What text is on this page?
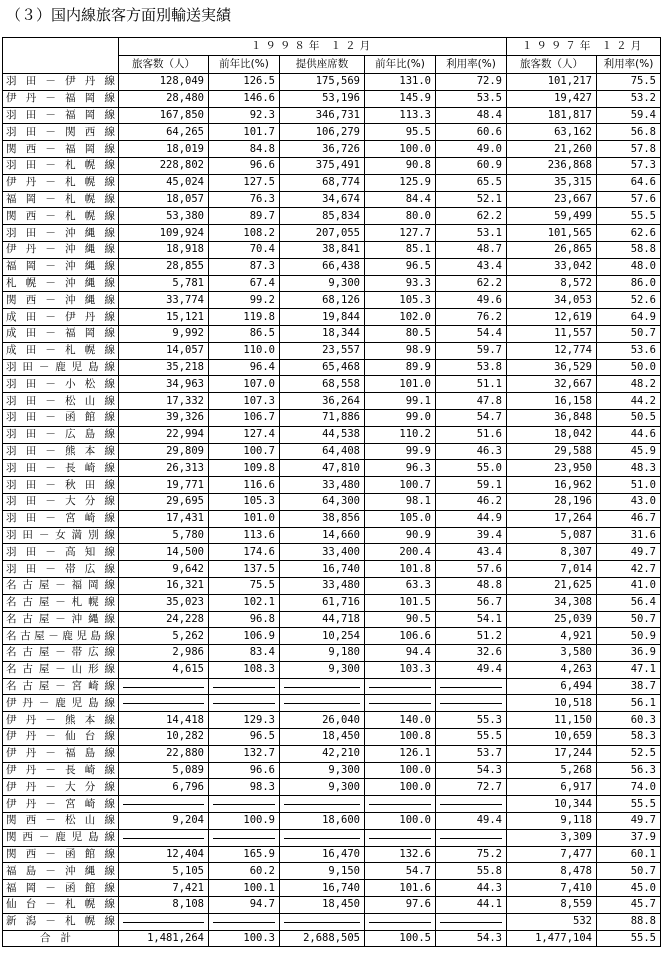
（３）国内線旅客方面別輸送実績
	１９９８年 １２月					１９９７年 １２月	
	旅客数（人）	前年比(%)	提供座席数	前年比(%)	利用率(%)	旅客数（人）	利用率(%)
羽田－伊丹線	128,049	126.5	175,569	131.0	72.9	101,217	75.5
伊丹－福岡線	28,480	146.6	53,196	145.9	53.5	19,427	53.2
羽田－福岡線	167,850	92.3	346,731	113.3	48.4	181,817	59.4
羽田－関西線	64,265	101.7	106,279	95.5	60.6	63,162	56.8
関西－福岡線	18,019	84.8	36,726	100.0	49.0	21,260	57.8
羽田－札幌線	228,802	96.6	375,491	90.8	60.9	236,868	57.3
伊丹－札幌線	45,024	127.5	68,774	125.9	65.5	35,315	64.6
福岡－札幌線	18,057	76.3	34,674	84.4	52.1	23,667	57.6
関西－札幌線	53,380	89.7	85,834	80.0	62.2	59,499	55.5
羽田－沖縄線	109,924	108.2	207,055	127.7	53.1	101,565	62.6
伊丹－沖縄線	18,918	70.4	38,841	85.1	48.7	26,865	58.8
福岡－沖縄線	28,855	87.3	66,438	96.5	43.4	33,042	48.0
札幌－沖縄線	5,781	67.4	9,300	93.3	62.2	8,572	86.0
関西－沖縄線	33,774	99.2	68,126	105.3	49.6	34,053	52.6
成田－伊丹線	15,121	119.8	19,844	102.0	76.2	12,619	64.9
成田－福岡線	9,992	86.5	18,344	80.5	54.4	11,557	50.7
成田－札幌線	14,057	110.0	23,557	98.9	59.7	12,774	53.6
羽田－鹿児島線	35,218	96.4	65,468	89.9	53.8	36,529	50.0
羽田－小松線	34,963	107.0	68,558	101.0	51.1	32,667	48.2
羽田－松山線	17,332	107.3	36,264	99.1	47.8	16,158	44.2
羽田－函館線	39,326	106.7	71,886	99.0	54.7	36,848	50.5
羽田－広島線	22,994	127.4	44,538	110.2	51.6	18,042	44.6
羽田－熊本線	29,809	100.7	64,408	99.9	46.3	29,588	45.9
羽田－長崎線	26,313	109.8	47,810	96.3	55.0	23,950	48.3
羽田－秋田線	19,771	116.6	33,480	100.7	59.1	16,962	51.0
羽田－大分線	29,695	105.3	64,300	98.1	46.2	28,196	43.0
羽田－宮崎線	17,431	101.0	38,856	105.0	44.9	17,264	46.7
羽田－女満別線	5,780	113.6	14,660	90.9	39.4	5,087	31.6
羽田－高知線	14,500	174.6	33,400	200.4	43.4	8,307	49.7
羽田－帯広線	9,642	137.5	16,740	101.8	57.6	7,014	42.7
名古屋－福岡線	16,321	75.5	33,480	63.3	48.8	21,625	41.0
名古屋－札幌線	35,023	102.1	61,716	101.5	56.7	34,308	56.4
名古屋－沖縄線	24,228	96.8	44,718	90.5	54.1	25,039	50.7
名古屋－鹿児島線	5,262	106.9	10,254	106.6	51.2	4,921	50.9
名古屋－帯広線	2,986	83.4	9,180	94.4	32.6	3,580	36.9
名古屋－山形線	4,615	108.3	9,300	103.3	49.4	4,263	47.1
名古屋－宮崎線						6,494	38.7
伊丹－鹿児島線						10,518	56.1
伊丹－熊本線	14,418	129.3	26,040	140.0	55.3	11,150	60.3
伊丹－仙台線	10,282	96.5	18,450	100.8	55.5	10,659	58.3
伊丹－福島線	22,880	132.7	42,210	126.1	53.7	17,244	52.5
伊丹－長崎線	5,089	96.6	9,300	100.0	54.3	5,268	56.3
伊丹－大分線	6,796	98.3	9,300	100.0	72.7	6,917	74.0
伊丹－宮崎線						10,344	55.5
関西－松山線	9,204	100.9	18,600	100.0	49.4	9,118	49.7
関西－鹿児島線						3,309	37.9
関西－函館線	12,404	165.9	16,470	132.6	75.2	7,477	60.1
福島－沖縄線	5,105	60.2	9,150	54.7	55.8	8,478	50.7
福岡－函館線	7,421	100.1	16,740	101.6	44.3	7,410	45.0
仙台－札幌線	8,108	94.7	18,450	97.6	44.1	8,559	45.7
新潟－札幌線						532	88.8
合計	1,481,264	100.3	2,688,505	100.5	54.3	1,477,104	55.5
